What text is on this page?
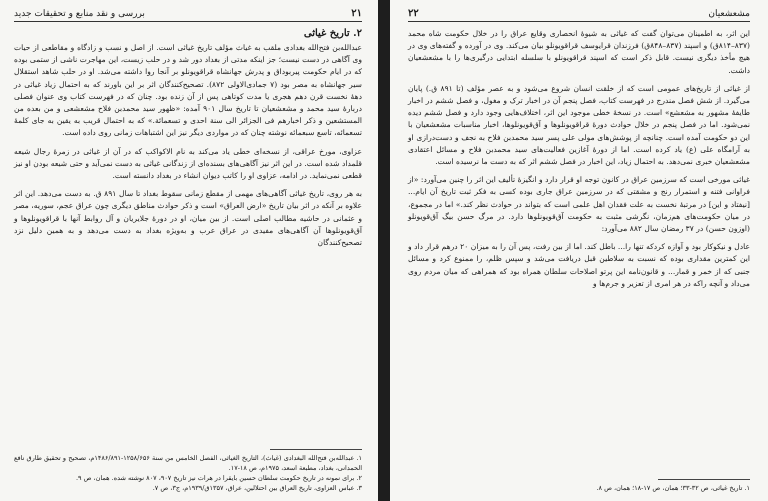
۲۱
بررسی و نقد منابع و تحقیقات جدید
۲. تاریخ غیاثی

عبدالله‌بن فتح‌الله بغدادی ملقب به غیاث مؤلف تاریخ غیاثی است. از اصل و نسب و زادگاه و مقاطعی از حیات وی آگاهی در دست نیست؛ جز اینکه مدتی از بغداد دور شد و در حلب زیست، این مهاجرت ناشی از ستمی بوده که در ایام حکومت پیربوداق و پدرش جهانشاه قراقویونلو بر آنجا روا داشته می‌شد. او در حلب شاهد استقلال سیر جهانشاه به مصر بود (۷ جمادی‌الاولی ۸۷۲). تصحیح‌کنندگان اثر بر این باورند که به احتمال زیاد غیاثی در دهۀ نخست قرن دهم هجری یا مدت کوتاهی پس از آن زنده بود. چنان که در فهرست کتاب وی عنوان فصلی دربارۀ سید محمد و مشعشعیان تا تاریخ سال ۹۰۱ آمده: «ظهور سید محمدبن فلاح مشعشعی و من بعده من المستشعین و ذکر اخبارهم فی الجزائر الی سنة احدی و تسعمائة.» که به احتمال قریب به یقین به جای کلمۀ تسعمائه، تاسع سبعمائه نوشته چنان که در مواردی دیگر نیز این اشتباهات زمانی روی داده است.

عزاوی، مورخ عراقی، از نسخه‌ای خطی یاد می‌کند به نام الاکواکب که در آن از غیاثی در زمرۀ رجال شیعه قلمداد شده است. در این اثر نیز آگاهی‌های بسنده‌ای از زندگانی غیاثی به دست نمی‌آید و حتی شیعه بودن او نیز قطعی نمی‌نماید. در ادامه، عزاوی او را کاتب دیوان انشاء در بغداد دانسته است.

به هر روی، تاریخ غیاثی آگاهی‌های مهمی از مقطع زمانی سقوط بغداد تا سال ۸۹۱ ق. به دست می‌دهد. این اثر علاوه بر آنکه در اثر بیان تاریخ «ارض العراق» است و ذکر حوادث مناطق دیگری چون عراق عجم، سوریه، مصر و عثمانی در حاشیه مطالب اصلی است. از بین میان، او در دورۀ جلایریان و آل روابط آنها با قراقویونلوها و آق‌قویونلوها آن آگاهی‌های مفیدی در عراق عرب و به‌ویژه بغداد به دست می‌دهد و به همین دلیل نزد تصحیح‌کنندگان

۱. عبدالله‌بن فتح‌الله البغدادی (غیاث)، التاریخ الغیاثی، الفصل الخامس من سنة ۱۲۵۸/۶۵۶-۱۴۸۶/۸۹۱م، تصحیح و تحقیق طارق نافع الحمدانی، بغداد، مطبعة اسعد، ۱۹۷۵م، ص ۱۸-۱۷.

۲. برای نمونه در تاریخ حکومت سلطان حسین بایقرا در هرات نیز تاریخ ۹۰۷، ۸۰۷ نوشته شده. همان، ص ۹.

۳. عباس العزاوی، تاریخ العراق بین احتلالین، عراق، ۱۳۵۷ق/۱۹۳۹م، ج۳، ص ۷.

مشعشعیان
۲۲

این اثر، به اطمینان می‌توان گفت که غیاثی به شیوۀ انحصاری وقایع عراق را در خلال حکومت شاه محمد (۸۳۷–۸۱۴ق) و اسپند (۸۳۷–۸۴۸ق) فرزندان قرایوسف قراقویونلو بیان می‌کند. وی در آورده و گفته‌های وی در هیچ مأخذ دیگری نیست. قابل ذکر است که اسپند قراقویونلو با سلسله ابتدایی درگیری‌ها را با مشعشعیان داشت.

از غیاثی از تاریخ‌های عمومی است که از خلقت انسان شروع می‌شود و به عصر مؤلف (تا ۸۹۱ ق.) پایان می‌گیرد. از شش فصل مندرج در فهرست کتاب، فصل پنجم آن در اخبار ترک و مغول، و فصل ششم در اخبار طایفۀ مشهور به مشعشع» است. در نسخۀ خطی موجود این اثر، اختلاف‌هایی وجود دارد و فصل ششم دیده نمی‌شود. اما در فصل پنجم در خلال حوادث دورۀ قراقویونلوها و آق‌قویونلوها، اخبار مناسبات مشعشعیان با این دو حکومت آمده است. چنانچه از پوشش‌های مولی علی پسر سید محمدبن فلاح به نجف و دست‌درازی او به آرامگاه علی (ع) یاد کرده است. اما از دورۀ آغازین فعالیت‌های سید محمدبن فلاح و مسائل اعتقادی مشعشعیان خبری نمی‌دهد. به احتمال زیاد، این اخبار در فصل ششم اثر که به دست ما نرسیده است.

غیاثی مورخی است که سرزمین عراق در کانون توجه او قرار دارد و انگیزۀ تألیف این اثر را چنین می‌آورد: «از فراوانی فتنه و استمرار رنج و مشقتی که در سرزمین عراق جاری بوده کسی به فکر ثبت تاریخ آن ایام... [نیفتاد و این] در مرتبۀ نخست به علت فقدان اهل علمی است که بتواند در حوادث نظر کند.» اما در مجموع، در میان حکومت‌های هم‌زمان، نگرشی مثبت به حکومت آق‌قویونلوها دارد. در مرگ حسن بیگ آق‌قویونلو (اوزون حسن) در ۳۷ رمضان سال ۸۸۲ می‌آورد:

عادل و نیکوکار بود و آوازه کردکه تنها را... باطل کند. اما از بین رفت، پس آن را به میزان ۲۰ درهم قرار داد و این کمترین مقداری بوده که نسبت به سلاطین قبل دریافت می‌شد و سپس ظلم، را ممنوع کرد و مسائل جنبی که از خمر و قمار... و قانون‌نامه این پرتو اصلاحات سلطان همراه بود که همراهی که میان مردم روی می‌داد و آنچه راکه در هر امری از تعزیر و جرم‌ها و

۱. تاریخ غیاثی، ص ۳۲-۳۳؛ همان، ص ۱۷-۱۸؛ همان، ص ۸.
